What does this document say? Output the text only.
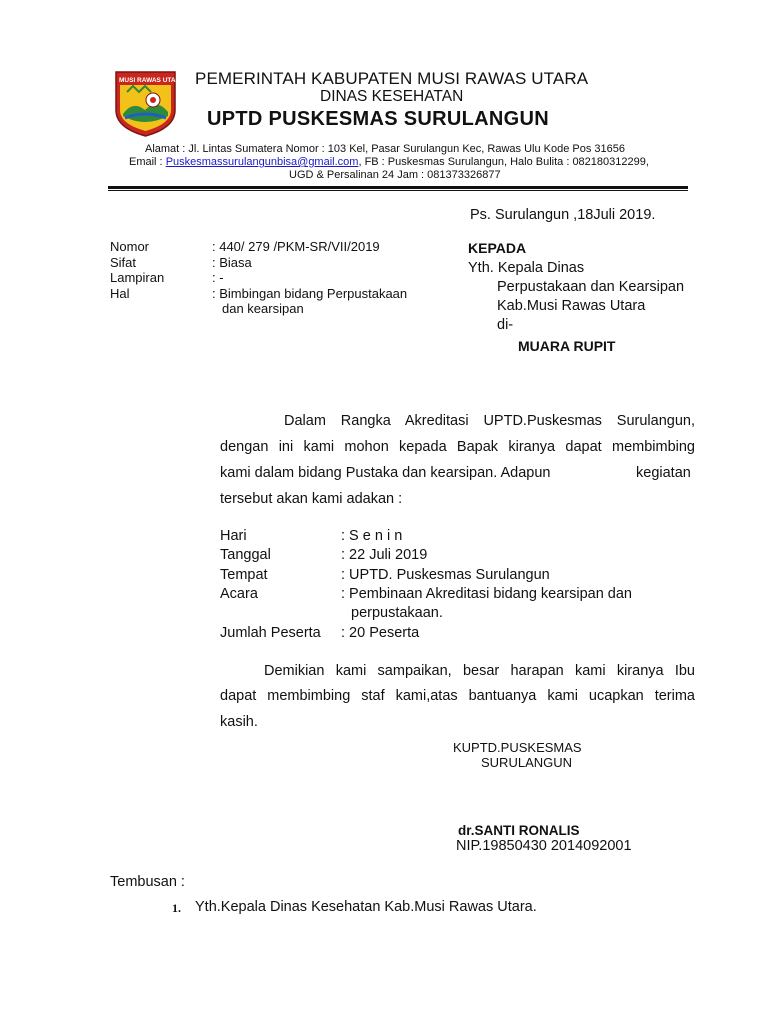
MUSI RAWAS UTARA PEMERINTAH KABUPATEN MUSI RAWAS UTARA
DINAS KESEHATAN
UPTD PUSKESMAS SURULANGUN
Alamat : Jl. Lintas Sumatera Nomor : 103 Kel, Pasar Surulangun Kec, Rawas Ulu Kode Pos 31656
Email : Puskesmassurulangunbisa@gmail.com, FB : Puskesmas Surulangun, Halo Bulita : 082180312299,
UGD & Persalinan 24 Jam : 081373326877
Ps. Surulangun ,18Juli 2019.
Nomor	: 440/ 279 /PKM-SR/VII/2019
Sifat	: Biasa
Lampiran	: -
Hal	: Bimbingan bidang Perpustakaan
dan kearsipan
KEPADA
Yth. Kepala Dinas
Perpustakaan dan Kearsipan
Kab.Musi Rawas Utara
di-
MUARA RUPIT
Dalam Rangka Akreditasi UPTD.Puskesmas Surulangun,
dengan ini kami mohon kepada Bapak kiranya dapat membimbing
kami dalam bidang Pustaka dan kearsipan. Adapun	kegiatan
tersebut akan kami adakan :
Hari	: S e n i n
Tanggal	: 22 Juli 2019
Tempat	: UPTD. Puskesmas Surulangun
Acara	: Pembinaan Akreditasi bidang kearsipan dan
perpustakaan.
Jumlah Peserta : 20 Peserta
Demikian kami sampaikan, besar harapan kami kiranya Ibu
dapat membimbing staf kami,atas bantuanya kami ucapkan terima
kasih.
KUPTD.PUSKESMAS
SURULANGUN
dr.SANTI RONALIS
NIP.19850430 2014092001
Tembusan :
1. Yth.Kepala Dinas Kesehatan Kab.Musi Rawas Utara.
